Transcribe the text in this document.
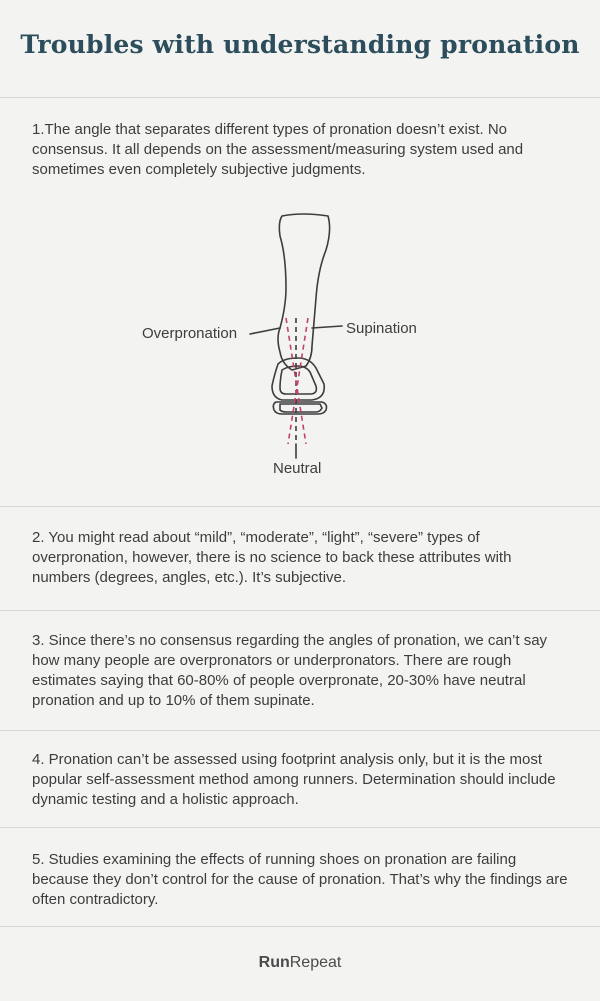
Troubles with understanding pronation

1.The angle that separates different types of pronation doesn’t exist. No consensus. It all depends on the assessment/measuring system used and sometimes even completely subjective judgments.

Overpronation	Supination
Neutral

2. You might read about “mild”, “moderate”, “light”, “severe” types of overpronation, however, there is no science to back these attributes with numbers (degrees, angles, etc.). It’s subjective.

3. Since there’s no consensus regarding the angles of pronation, we can’t say how many people are overpronators or underpronators. There are rough estimates saying that 60-80% of people overpronate, 20-30% have neutral pronation and up to 10% of them supinate.

4. Pronation can’t be assessed using footprint analysis only, but it is the most popular self-assessment method among runners. Determination should include dynamic testing and a holistic approach.

5. Studies examining the effects of running shoes on pronation are failing because they don’t control for the cause of pronation. That’s why the findings are often contradictory.

RunRepeat
